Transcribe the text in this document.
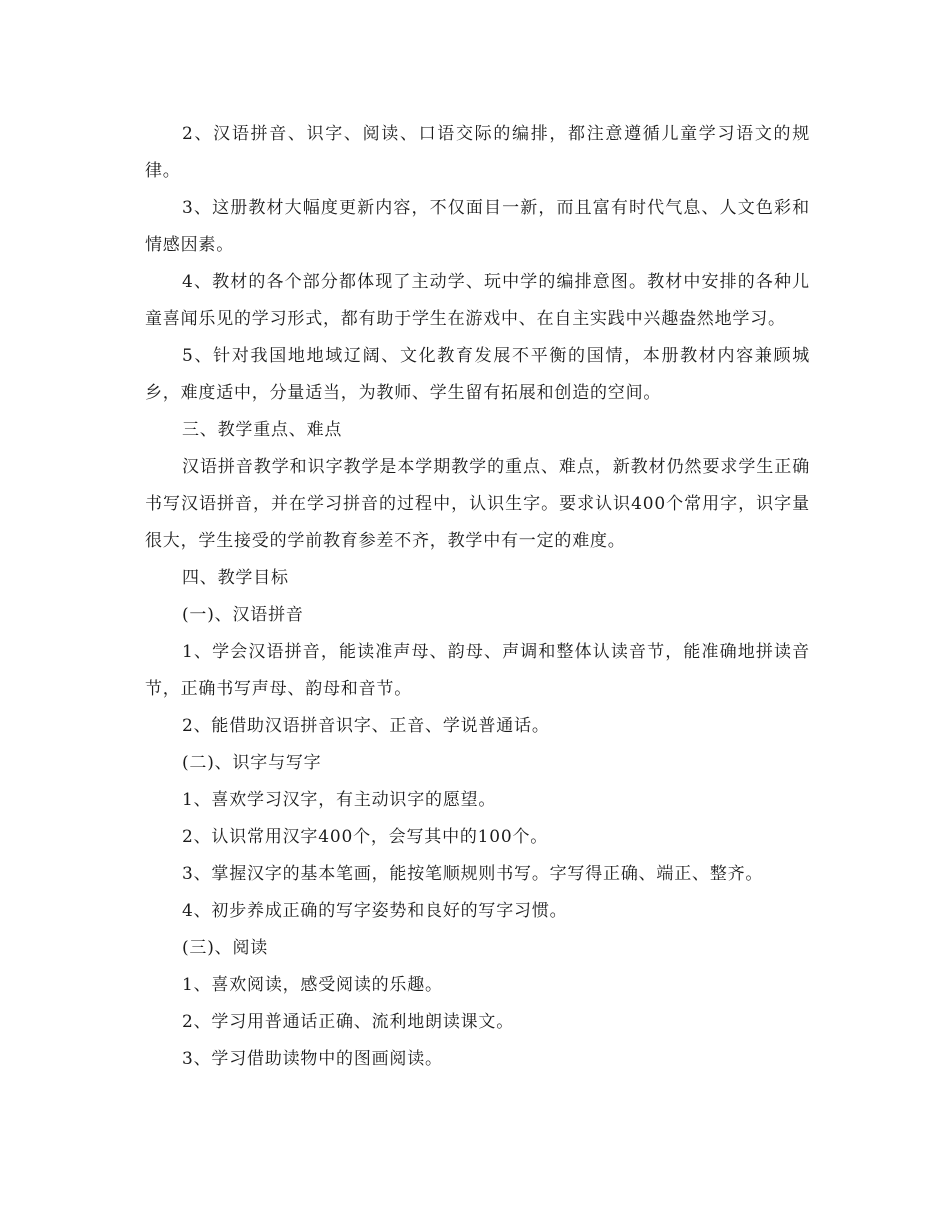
2、汉语拼音、识字、阅读、口语交际的编排，都注意遵循儿童学习语文的规律。

3、这册教材大幅度更新内容，不仅面目一新，而且富有时代气息、人文色彩和情感因素。

4、教材的各个部分都体现了主动学、玩中学的编排意图。教材中安排的各种儿童喜闻乐见的学习形式，都有助于学生在游戏中、在自主实践中兴趣盎然地学习。

5、针对我国地地域辽阔、文化教育发展不平衡的国情，本册教材内容兼顾城乡，难度适中，分量适当，为教师、学生留有拓展和创造的空间。

三、教学重点、难点

汉语拼音教学和识字教学是本学期教学的重点、难点，新教材仍然要求学生正确书写汉语拼音，并在学习拼音的过程中，认识生字。要求认识400个常用字，识字量很大，学生接受的学前教育参差不齐，教学中有一定的难度。

四、教学目标

(一)、汉语拼音

1、学会汉语拼音，能读准声母、韵母、声调和整体认读音节，能准确地拼读音节，正确书写声母、韵母和音节。

2、能借助汉语拼音识字、正音、学说普通话。

(二)、识字与写字

1、喜欢学习汉字，有主动识字的愿望。

2、认识常用汉字400个，会写其中的100个。

3、掌握汉字的基本笔画，能按笔顺规则书写。字写得正确、端正、整齐。

4、初步养成正确的写字姿势和良好的写字习惯。

(三)、阅读

1、喜欢阅读，感受阅读的乐趣。

2、学习用普通话正确、流利地朗读课文。

3、学习借助读物中的图画阅读。
